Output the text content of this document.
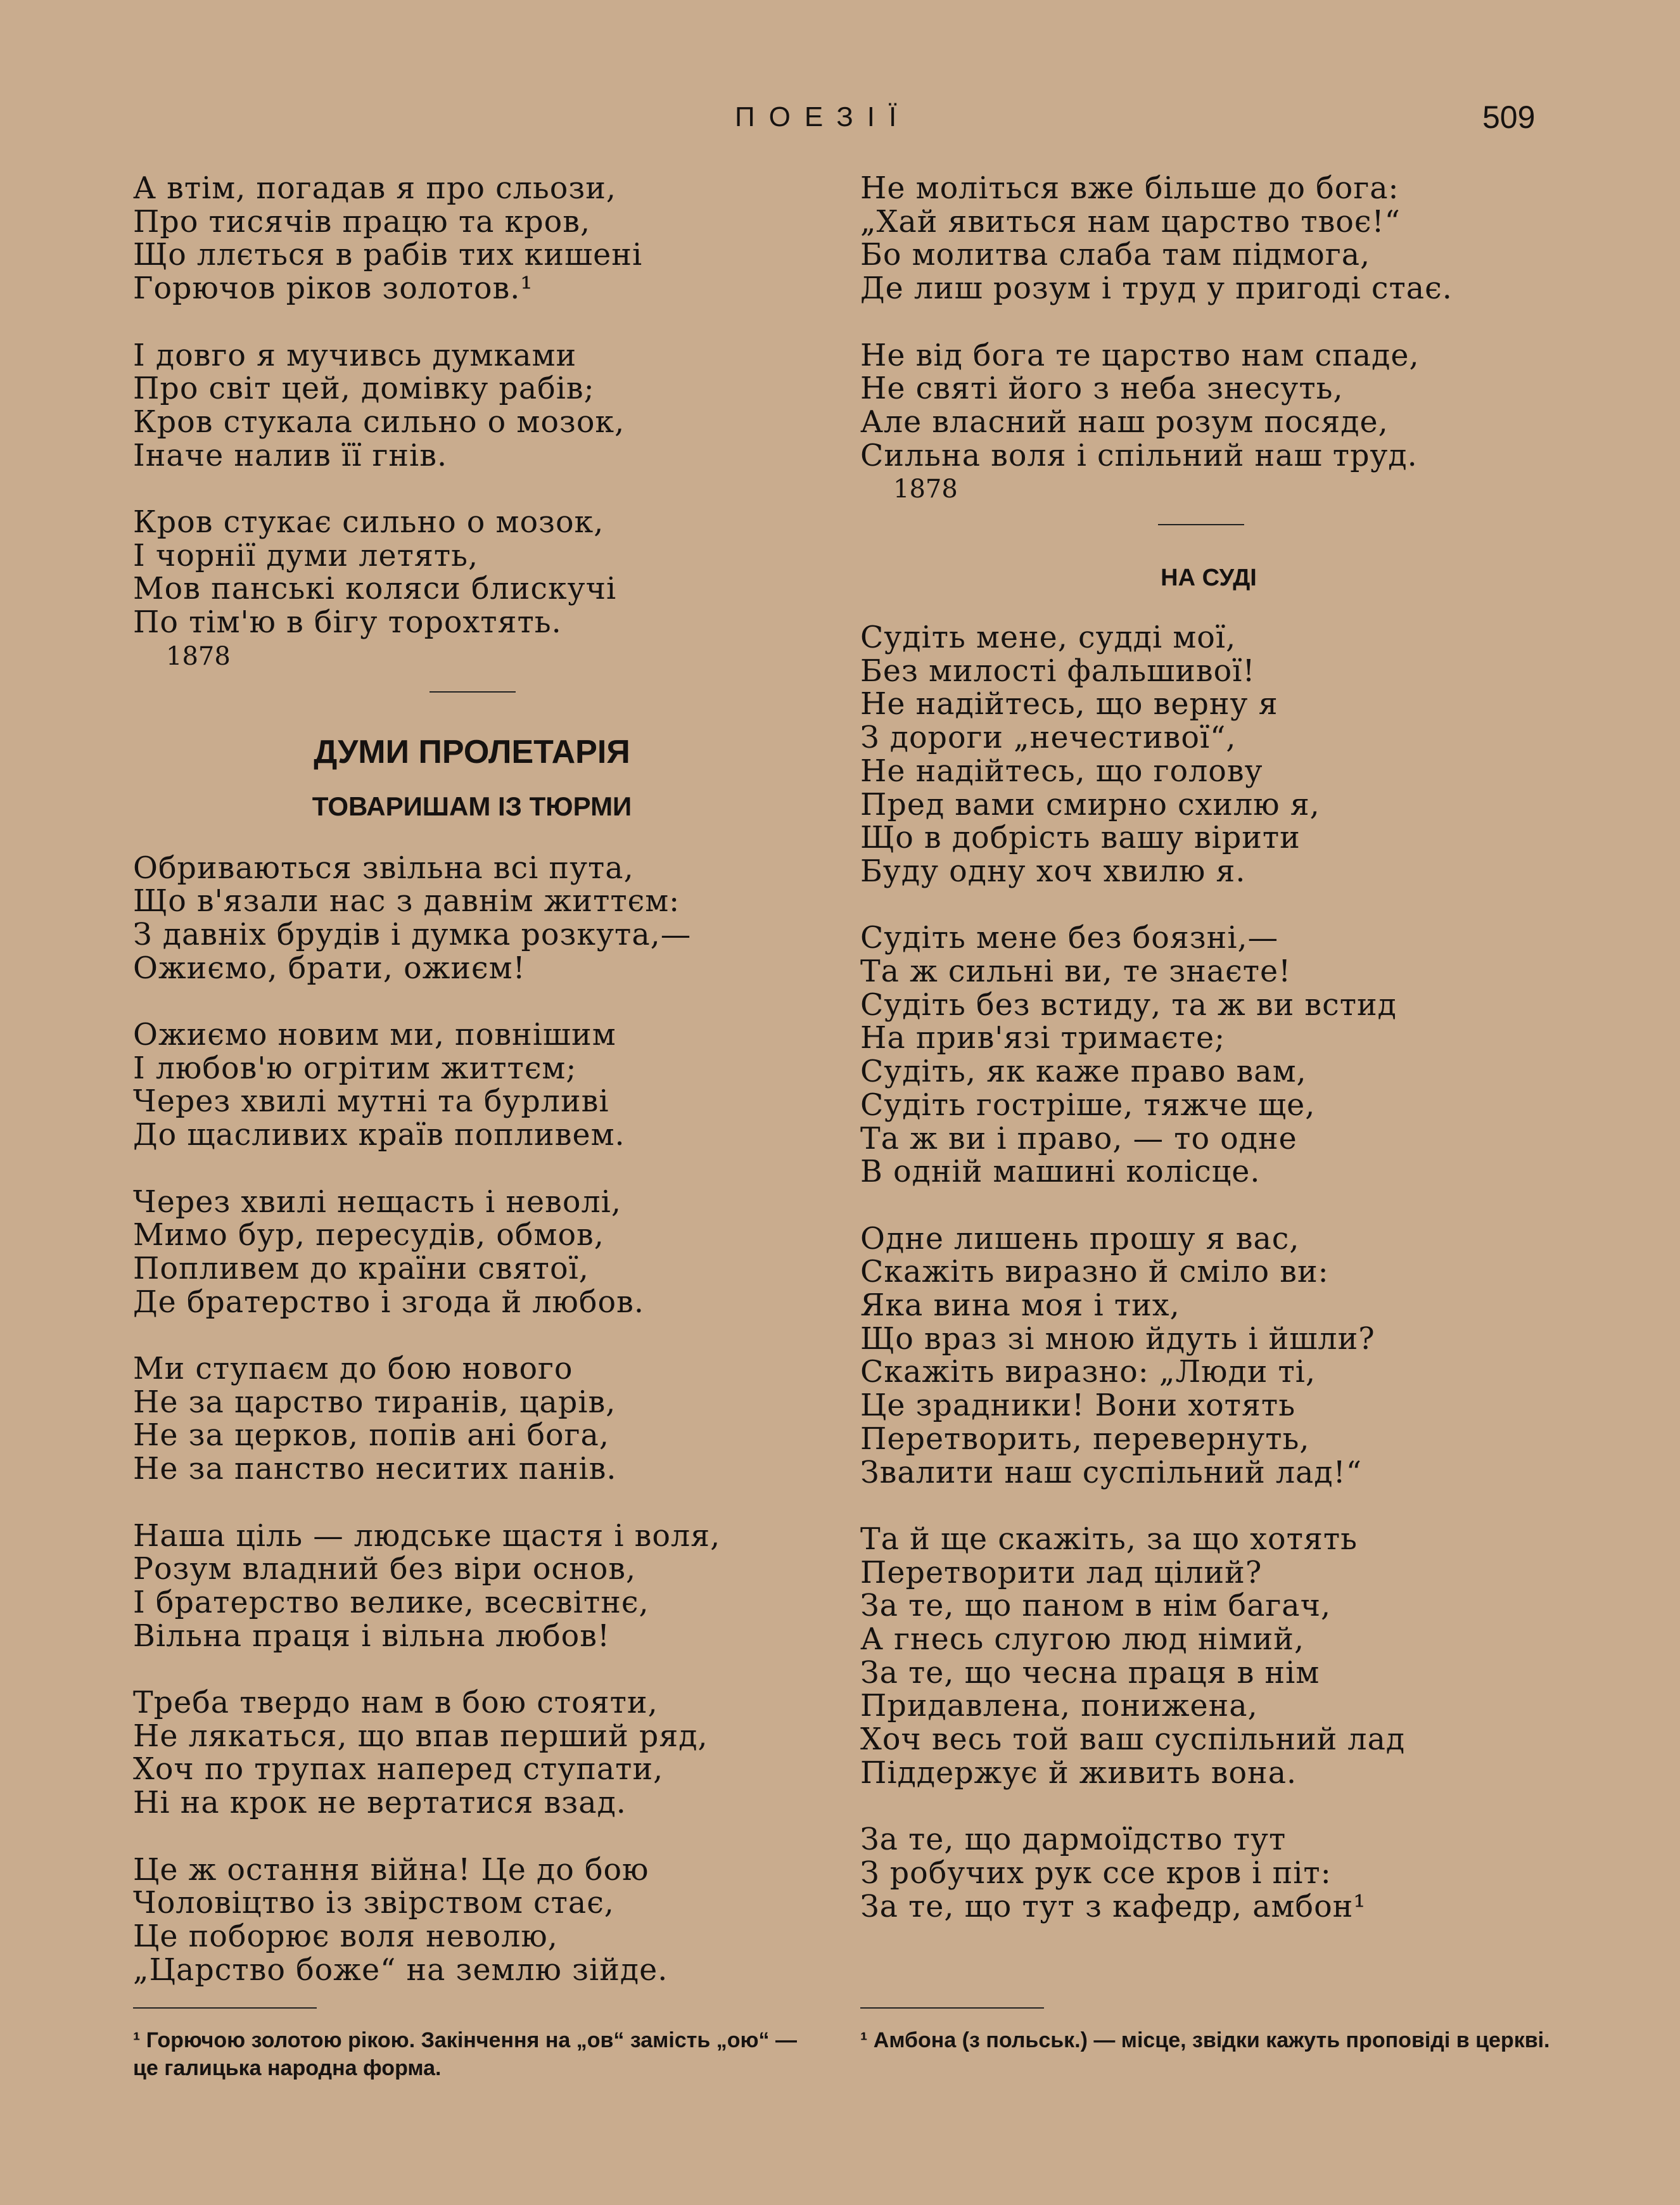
ПОЕЗІЇ	509
А втім, погадав я про сльози,
Про тисячів працю та кров,
Що ллється в рабів тих кишені
Горючов ріков золотов.¹
І довго я мучивсь думками
Про світ цей, домівку рабів;
Кров стукала сильно о мозок,
Іначе налив її гнів.
Кров стукає сильно о мозок,
І чорнії думи летять,
Мов панські коляси блискучі
По тім'ю в бігу торохтять.
1878
ДУМИ ПРОЛЕТАРІЯ
ТОВАРИШАМ ІЗ ТЮРМИ
Обриваються звільна всі пута,
Що в'язали нас з давнім життєм:
З давніх брудів і думка розкута,—
Ожиємо, брати, ожиєм!
Ожиємо новим ми, повнішим
І любов'ю огрітим життєм;
Через хвилі мутні та бурливі
До щасливих країв попливем.
Через хвилі нещасть і неволі,
Мимо бур, пересудів, обмов,
Попливем до країни святої,
Де братерство і згода й любов.
Ми ступаєм до бою нового
Не за царство тиранів, царів,
Не за церков, попів ані бога,
Не за панство неситих панів.
Наша ціль — людське щастя і воля,
Розум владний без віри основ,
І братерство велике, всесвітнє,
Вільна праця і вільна любов!
Треба твердо нам в бою стояти,
Не лякаться, що впав перший ряд,
Хоч по трупах наперед ступати,
Ні на крок не вертатися взад.
Це ж остання війна! Це до бою
Чоловіцтво із звірством стає,
Це поборює воля неволю,
„Царство боже“ на землю зійде.
Не моліться вже більше до бога:
„Хай явиться нам царство твоє!“
Бо молитва слаба там підмога,
Де лиш розум і труд у пригоді стає.
Не від бога те царство нам спаде,
Не святі його з неба знесуть,
Але власний наш розум посяде,
Сильна воля і спільний наш труд.
1878
НА СУДІ
Судіть мене, судді мої,
Без милості фальшивої!
Не надійтесь, що верну я
З дороги „нечестивої“,
Не надійтесь, що голову
Пред вами смирно схилю я,
Що в добрість вашу вірити
Буду одну хоч хвилю я.
Судіть мене без боязні,—
Та ж сильні ви, те знаєте!
Судіть без встиду, та ж ви встид
На прив'язі тримаєте;
Судіть, як каже право вам,
Судіть гостріше, тяжче ще,
Та ж ви і право, — то одне
В одній машині колісце.
Одне лишень прошу я вас,
Скажіть виразно й сміло ви:
Яка вина моя і тих,
Що враз зі мною йдуть і йшли?
Скажіть виразно: „Люди ті,
Це зрадники! Вони хотять
Перетворить, перевернуть,
Звалити наш суспільний лад!“
Та й ще скажіть, за що хотять
Перетворити лад цілий?
За те, що паном в нім багач,
А гнесь слугою люд німий,
За те, що чесна праця в нім
Придавлена, понижена,
Хоч весь той ваш суспільний лад
Піддержує й живить вона.
За те, що дармоїдство тут
З робучих рук ссе кров і піт:
За те, що тут з кафедр, амбон¹
¹ Горючою золотою рікою. Закінчення на „ов“ замість „ою“ — це галицька народна форма.
¹ Амбона (з польськ.) — місце, звідки кажуть проповіді в церкві.
